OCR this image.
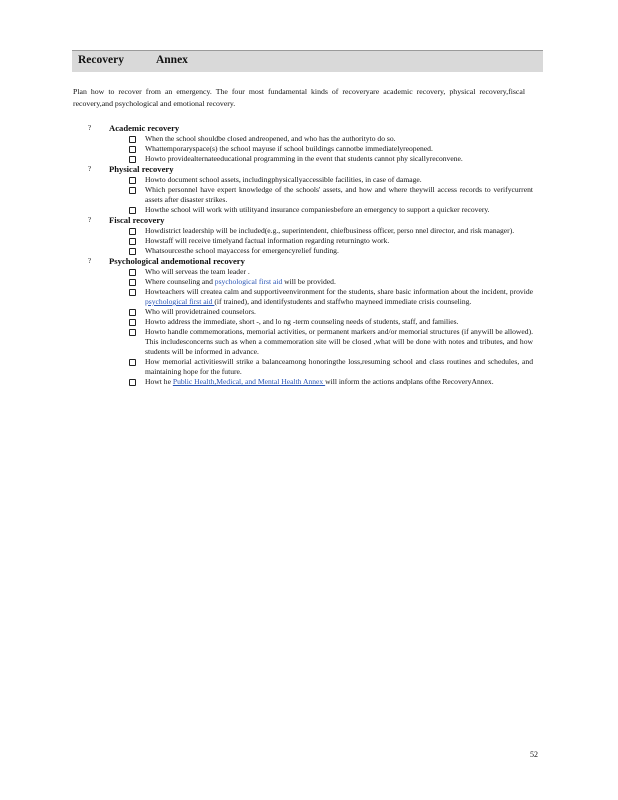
Recovery	Annex
Plan how to recover from an emergency. The four most fundamental kinds of recoveryare academic recovery, physical recovery,fiscal recovery,and psychological and emotional recovery.
? Academic recovery
When the school shouldbe closed andreopened, and who has the authorityto do so.
Whattemporaryspace(s) the school mayuse if school buildings cannotbe immediatelyreopened.
Howto providealternateeducational programming in the event that students cannot phy sicallyreconvene.
? Physical recovery
Howto document school assets, includingphysicallyaccessible facilities, in case of damage.
Which personnel have expert knowledge of the schools' assets, and how and where theywill access records to verifycurrent assets after disaster strikes.
Howthe school will work with utilityand insurance companiesbefore an emergency to support a quicker recovery.
? Fiscal recovery
Howdistrict leadership will be included(e.g., superintendent, chiefbusiness officer, perso nnel director, and risk manager).
Howstaff will receive timelyand factual information regarding returningto work.
Whatsourcesthe school mayaccess for emergencyrelief funding.
? Psychological andemotional recovery
Who will serveas the team leader .
Where counseling and psychological first aid will be provided.
Howteachers will createa calm and supportiveenvironment for the students, share basic information about the incident, provide psychological first aid (if trained), and identifystudents and staffwho mayneed immediate crisis counseling.
Who will providetrained counselors.
Howto address the immediate, short -, and lo ng -term counseling needs of students, staff, and families.
Howto handle commemorations, memorial activities, or permanent markers and/or memorial structures (if anywill be allowed). This includesconcerns such as when a commemoration site will be closed ,what will be done with notes and tributes, and how students will be informed in advance.
How memorial activitieswill strike a balanceamong honoringthe loss,resuming school and class routines and schedules, and maintaining hope for the future.
Howt he Public Health,Medical, and Mental Health Annex will inform the actions andplans ofthe RecoveryAnnex.
52
